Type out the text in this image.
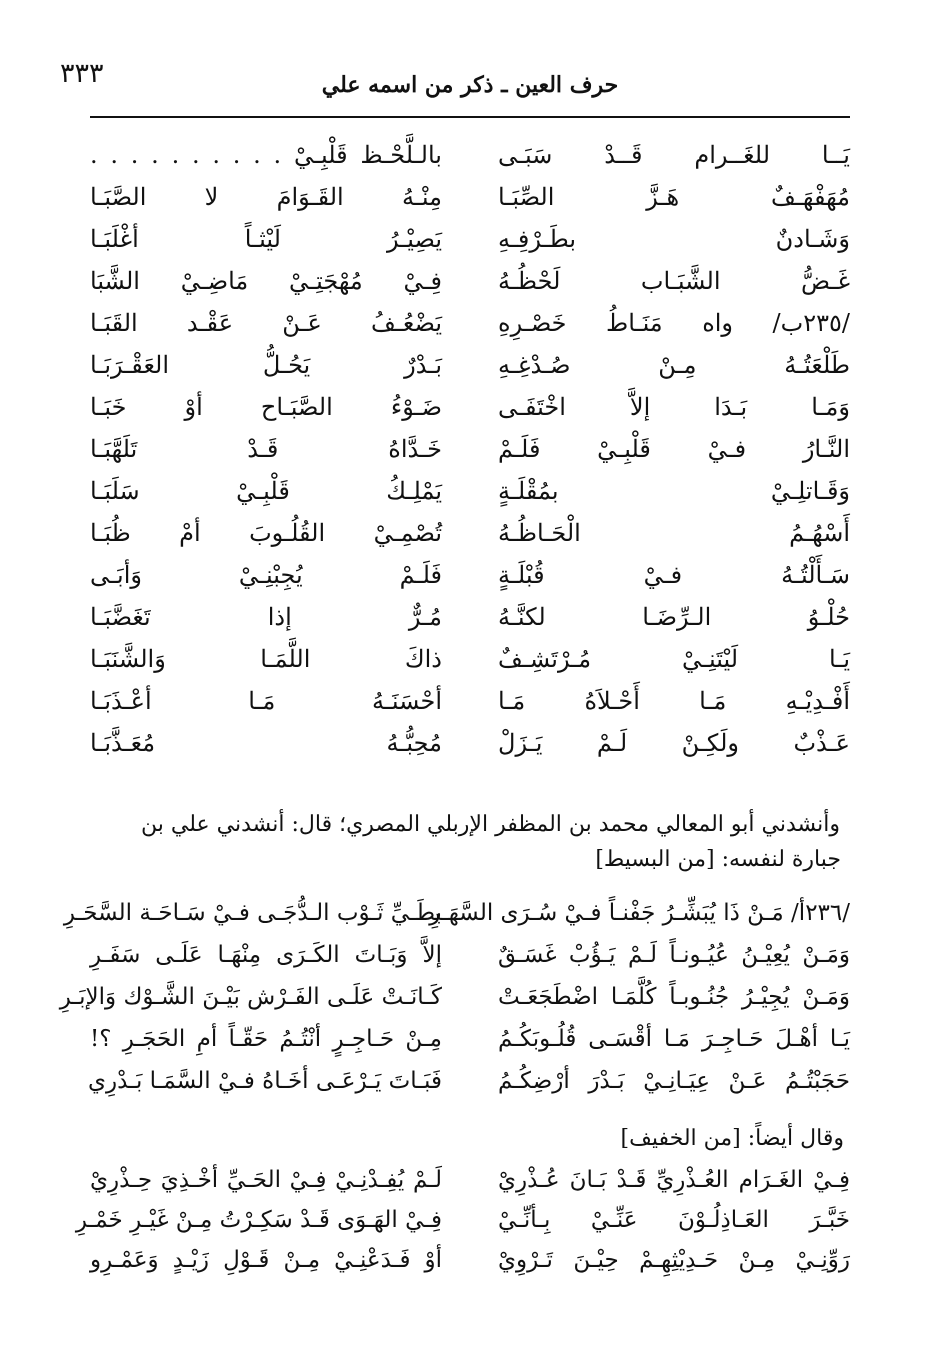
٣٣٣	حرف العين ـ ذكر من اسمه علي
يَــا للغَــرام قَــدْ سَبَـى
بالـلَّحْـظ قَلْبِـيْ . . . . . . . . . .
مُهَفْهَـفٌ هَـزَّ الصِّبَـا
مِنْـهُ القَـوَامَ لا الصَّبَـا
وَشَـادنٌ بطَـرْفِـهِ
يَصِيْـرُ لَيْثـاً أغْلَبَـا
غَـضُّ الشَّبَـاب لَحْظُـهُ
فِـيْ مُهْجَتِـيْ مَاضِـيْ الشَّبَا
/٢٣٥ب/ واه مَنَـاطُ خَصْـرِهِ
يَضْعُـفُ عَـنْ عَقْـد القَبَـا
طَلْعَتُـهُ مِـنْ صُـدْغِـهِ
بَـدْرٌ يَحُـلُّ العَقْـرَبَـا
وَمَـا بَـدَا إلاَّ اخْتَفَـى
ضَـوْءُ الصَّبَـاح أوْ خَبَـا
النَّـارُ فـيْ قَلْبِـيْ فَلَـمْ
خَـدَّاهُ قَـدْ تَلَهَّبَـا
وَقَـاتلِـيْ بمُقْلَـةٍ
يَمْلِـكُ قَلْبِـيْ سَلَبَـا
أَسْهُـمُ الْحَـاظُـهُ
تُصْمِـيْ القُلُـوبَ أمْ ظُبَـا
سَـأَلْتُـهُ فـيْ قُبْلَـةٍ
فَلَـمْ يُجِبْنِـيْ وَأبَـى
حُلْـوُ الـرِّضَـا لكنَّـهُ
مُـرٌّ إذا تَغَضَّبَـا
يَـا لَيْتَنِـيْ مُـرْتَشِـفٌ
ذاكَ اللَّمَـا وَالشَّنَبَـا
أَفْـدِيْـهِ مَـا أَحْـلاَهُ مَـا
أحْسَنَـهُ مَـا أعْـذَبَـا
عَـذْبٌ ولَكِـنْ لَـمْ يَـزَلْ
مُحِبُّـهُ مُعَـذَّبَـا
وأنشدني أبو المعالي محمد بن المظفر الإربلي المصري؛ قال: أنشدني علي بن
جبارة لنفسه: [من البسيط]
/٢٣٦أ/ مَـنْ ذَا يُبَشِّـرُ جَفْنـاً فـيْ سُـرَى السَّهَـرِ
بطَـيِّ ثَـوْب الـدُّجَـى فـيْ سَـاحَـة السَّحَـرِ
وَمَـنْ يُعِيْـنُ عُيُـونـاً لَـمْ يَـؤُبْ غَسَـقٌ
إلاَّ وَبَـاتَ الكَـرَى مِنْهَـا عَلَـى سَفَـرِ
وَمَـنْ يُجِيْـرُ جُنُـوبـاً كُلَّمَـا اضْطَجَعَـتْ
كَـانَـتْ عَلَـى الفَـرْش بَيْـنَ الشَّـوْك وَالإبَـرِ
يَـا أهْـلَ حَـاجِـرَ مَـا أقْسَـى قُلُـوبَكُـمُ
مِـنْ حَـاجِـرٍ أنْتُـمُ حَقّـاً أمِ الحَجَـرِ ؟!
حَجَبْتُـمُ عَـنْ عِيَـانِـيْ بَـدْرَ أرْضِكُـمُ
فَبَـاتَ يَـرْعَـى أخَـاهُ فـيْ السَّمَـا بَـدْرِي
وقال أيضاً: [من الخفيف]
فِـيْ الغَـرَام العُـذْرِيِّ قَـدْ بَـانَ عُـذْرِيْ
لَـمْ يُفِـدْنِـيْ فِـيْ الحَـيِّ أخْـذِيَ حِـذْرِيْ
خَبَّـرَ العَـاذِلُـوْنَ عَنِّـيْ بِـأنِّـيْ
فِـيْ الهَـوَى قَـدْ سَكِـرْتُ مِـنْ غَيْـرِ خَمْـرِ
رَوِّنِـيْ مِـنْ حَـدِيْثِهِـمْ حِيْـنَ تَـرْوِيْ
أوْ فَـدَعْنِـيْ مِـنْ قَـوْلِ زَيْـدٍ وَعَمْـرِو
